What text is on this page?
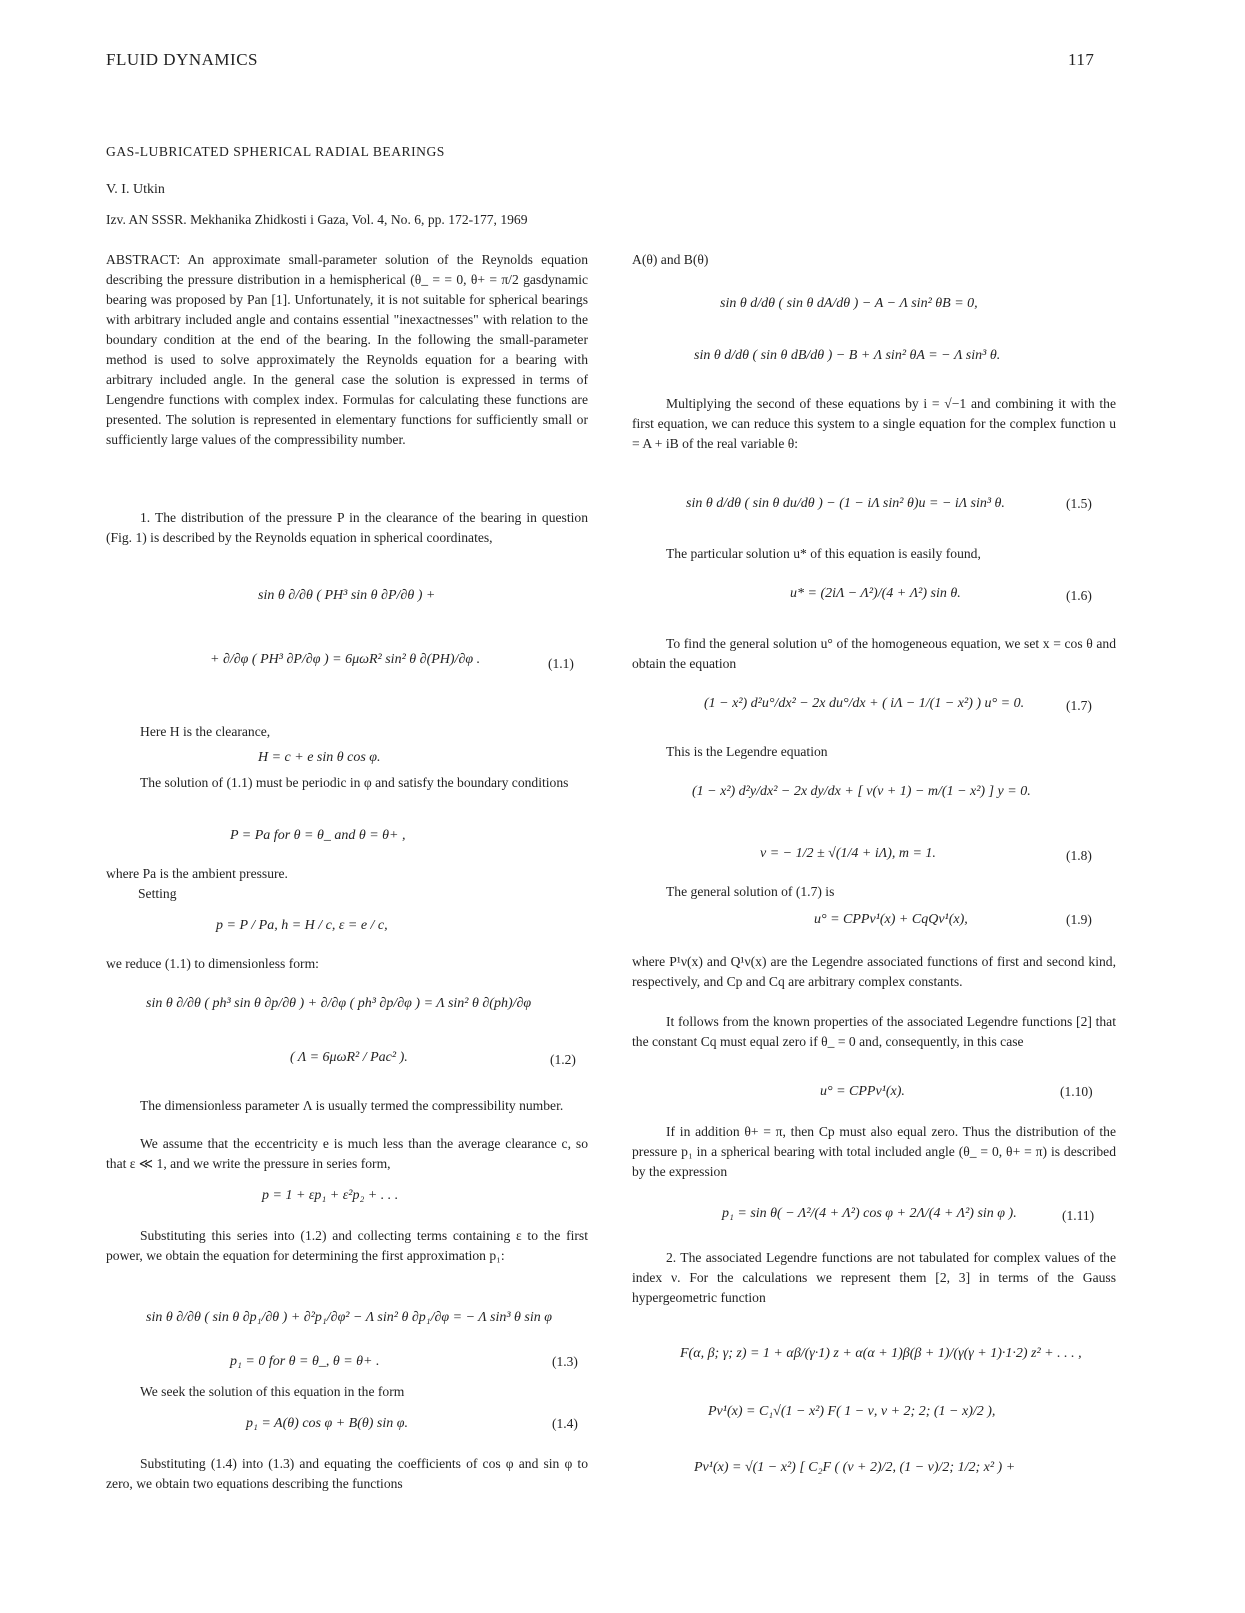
FLUID DYNAMICS	117
GAS-LUBRICATED SPHERICAL RADIAL BEARINGS
V. I. Utkin
Izv. AN SSSR. Mekhanika Zhidkosti i Gaza, Vol. 4, No. 6, pp. 172-177, 1969

ABSTRACT: An approximate small-parameter solution of the Reynolds equation describing the pressure distribution in a hemispherical (θ_ = = 0, θ+ = π/2 gasdynamic bearing was proposed by Pan [1]. Unfortunately, it is not suitable for spherical bearings with arbitrary included angle and contains essential "inexactnesses" with relation to the boundary condition at the end of the bearing. In the following the small-parameter method is used to solve approximately the Reynolds equation for a bearing with arbitrary included angle. In the general case the solution is expressed in terms of Lengendre functions with complex index. Formulas for calculating these functions are presented. The solution is represented in elementary functions for sufficiently small or sufficiently large values of the compressibility number.

1. The distribution of the pressure P in the clearance of the bearing in question (Fig. 1) is described by the Reynolds equation in spherical coordinates,
sin θ ∂/∂θ ( PH³ sin θ ∂P/∂θ ) +
+ ∂/∂φ ( PH³ ∂P/∂φ ) = 6μωR² sin² θ ∂(PH)/∂φ .	(1.1)
Here H is the clearance,
H = c + e sin θ cos φ.
The solution of (1.1) must be periodic in φ and satisfy the boundary conditions
P = Pa for θ = θ_ and θ = θ+ ,
where Pa is the ambient pressure.
Setting
p = P / Pa, h = H / c, ε = e / c,
we reduce (1.1) to dimensionless form:
sin θ ∂/∂θ ( ph³ sin θ ∂p/∂θ ) + ∂/∂φ ( ph³ ∂p/∂φ ) = Λ sin² θ ∂(ph)/∂φ
( Λ = 6μωR² / Pac² ).	(1.2)
The dimensionless parameter Λ is usually termed the compressibility number.
We assume that the eccentricity e is much less than the average clearance c, so that ε ≪ 1, and we write the pressure in series form,
p = 1 + εp₁ + ε²p₂ + . . .
Substituting this series into (1.2) and collecting terms containing ε to the first power, we obtain the equation for determining the first approximation p₁:
sin θ ∂/∂θ ( sin θ ∂p₁/∂θ ) + ∂²p₁/∂φ² − Λ sin² θ ∂p₁/∂φ = − Λ sin³ θ sin φ
p₁ = 0 for θ = θ_, θ = θ+ .	(1.3)
We seek the solution of this equation in the form
p₁ = A(θ) cos φ + B(θ) sin φ.	(1.4)
Substituting (1.4) into (1.3) and equating the coefficients of cos φ and sin φ to zero, we obtain two equations describing the functions
A(θ) and B(θ)
sin θ d/dθ ( sin θ dA/dθ ) − A − Λ sin² θB = 0,
sin θ d/dθ ( sin θ dB/dθ ) − B + Λ sin² θA = − Λ sin³ θ.
Multiplying the second of these equations by i = √−1 and combining it with the first equation, we can reduce this system to a single equation for the complex function u = A + iB of the real variable θ:
sin θ d/dθ ( sin θ du/dθ ) − (1 − iΛ sin² θ)u = − iΛ sin³ θ.	(1.5)
The particular solution u* of this equation is easily found,
u* = (2iΛ − Λ²)/(4 + Λ²) sin θ.	(1.6)
To find the general solution u° of the homogeneous equation, we set x = cos θ and obtain the equation
(1 − x²) d²u°/dx² − 2x du°/dx + ( iΛ − 1/(1 − x²) ) u° = 0.	(1.7)
This is the Legendre equation
(1 − x²) d²y/dx² − 2x dy/dx + [ ν(ν + 1) − m/(1 − x²) ] y = 0.
ν = − 1/2 ± √(1/4 + iΛ), m = 1.	(1.8)
The general solution of (1.7) is
u° = CPPν¹(x) + CqQν¹(x),	(1.9)
where P¹ν(x) and Q¹ν(x) are the Legendre associated functions of first and second kind, respectively, and Cp and Cq are arbitrary complex constants.
It follows from the known properties of the associated Legendre functions [2] that the constant Cq must equal zero if θ_ = 0 and, consequently, in this case
u° = CPPν¹(x).	(1.10)
If in addition θ+ = π, then Cp must also equal zero. Thus the distribution of the pressure p₁ in a spherical bearing with total included angle (θ_ = 0, θ+ = π) is described by the expression
p₁ = sin θ( − Λ²/(4 + Λ²) cos φ + 2Λ/(4 + Λ²) sin φ ).	(1.11)
2. The associated Legendre functions are not tabulated for complex values of the index ν. For the calculations we represent them [2, 3] in terms of the Gauss hypergeometric function
F(α, β; γ; z) = 1 + αβ/(γ·1) z + α(α + 1)β(β + 1)/(γ(γ + 1)·1·2) z² + . . . ,
Pν¹(x) = C₁√(1 − x²) F( 1 − ν, ν + 2; 2; (1 − x)/2 ),
Pν¹(x) = √(1 − x²) [ C₂F ( (ν + 2)/2, (1 − ν)/2; 1/2; x² ) +
